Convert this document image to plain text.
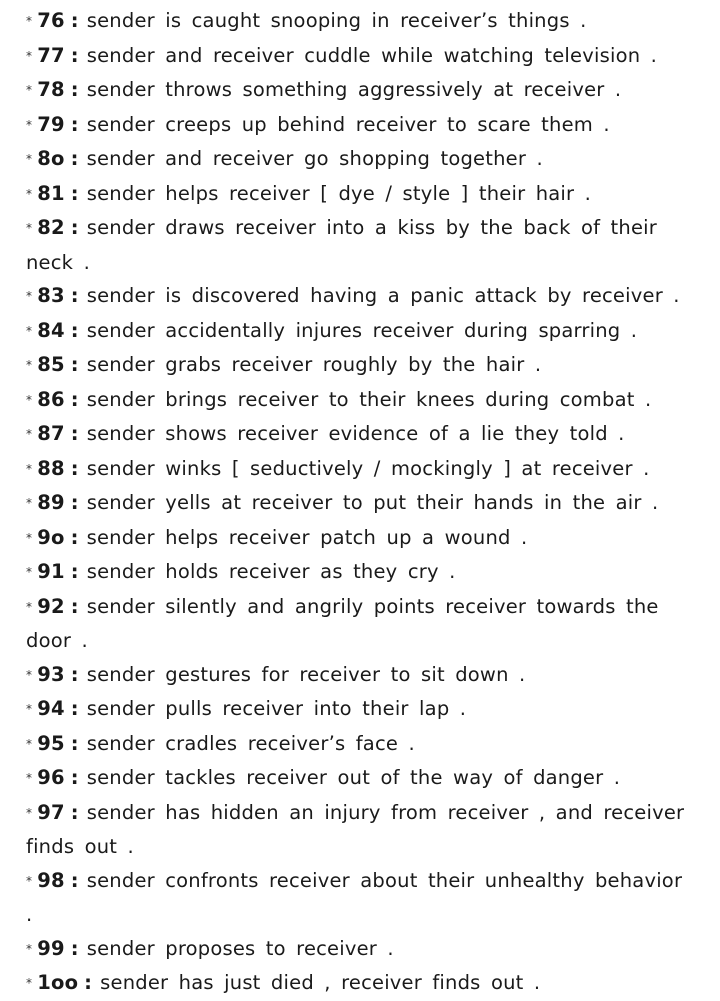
* 76 : sender is caught snooping in receiver’s things .
* 77 : sender and receiver cuddle while watching television .
* 78 : sender throws something aggressively at receiver .
* 79 : sender creeps up behind receiver to scare them .
* 8o : sender and receiver go shopping together .
* 81 : sender helps receiver [ dye / style ] their hair .
* 82 : sender draws receiver into a kiss by the back of their neck .
* 83 : sender is discovered having a panic attack by receiver .
* 84 : sender accidentally injures receiver during sparring .
* 85 : sender grabs receiver roughly by the hair .
* 86 : sender brings receiver to their knees during combat .
* 87 : sender shows receiver evidence of a lie they told .
* 88 : sender winks [ seductively / mockingly ] at receiver .
* 89 : sender yells at receiver to put their hands in the air .
* 9o : sender helps receiver patch up a wound .
* 91 : sender holds receiver as they cry .
* 92 : sender silently and angrily points receiver towards the door .
* 93 : sender gestures for receiver to sit down .
* 94 : sender pulls receiver into their lap .
* 95 : sender cradles receiver’s face .
* 96 : sender tackles receiver out of the way of danger .
* 97 : sender has hidden an injury from receiver , and receiver finds out .
* 98 : sender confronts receiver about their unhealthy behavior .
* 99 : sender proposes to receiver .
* 1oo : sender has just died , receiver finds out .
